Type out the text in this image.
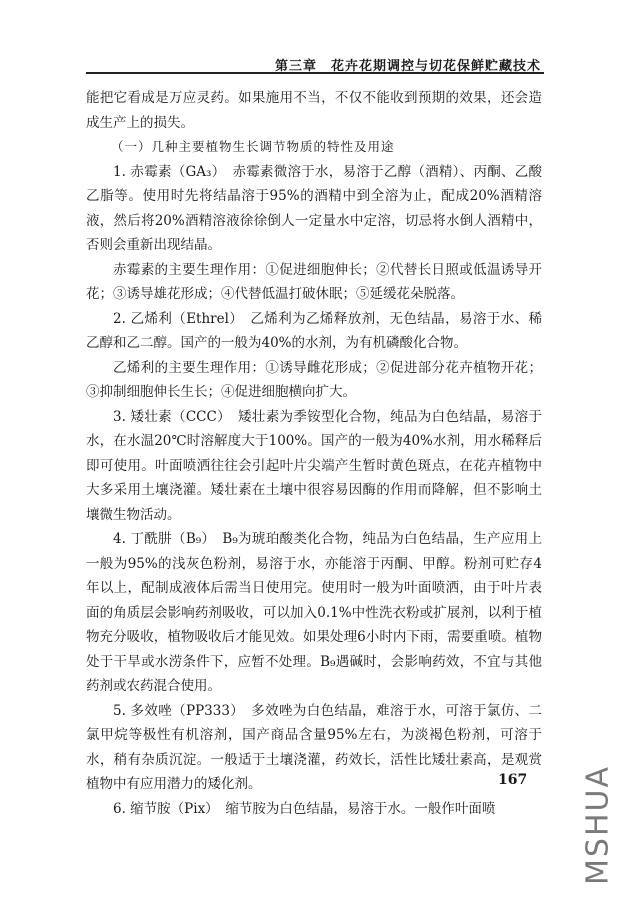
第三章　花卉花期调控与切花保鲜贮藏技术

能把它看成是万应灵药。如果施用不当，不仅不能收到预期的效果，还会造成生产上的损失。

（一）几种主要植物生长调节物质的特性及用途

1. 赤霉素（GA₃）　赤霉素微溶于水，易溶于乙醇（酒精）、丙酮、乙酸乙脂等。使用时先将结晶溶于95%的酒精中到全溶为止，配成20%酒精溶液，然后将20%酒精溶液徐徐倒人一定量水中定溶，切忌将水倒人酒精中，否则会重新出现结晶。

赤霉素的主要生理作用：①促进细胞伸长；②代替长日照或低温诱导开花；③诱导雄花形成；④代替低温打破休眠；⑤延缓花朵脱落。

2. 乙烯利（Ethrel）　乙烯利为乙烯释放剂，无色结晶，易溶于水、稀乙醇和乙二醇。国产的一般为40%的水剂，为有机磷酸化合物。

乙烯利的主要生理作用：①诱导雌花形成；②促进部分花卉植物开花；③抑制细胞伸长生长；④促进细胞横向扩大。

3. 矮壮素（CCC）　矮壮素为季铵型化合物，纯品为白色结晶，易溶于水，在水温20℃时溶解度大于100%。国产的一般为40%水剂，用水稀释后即可使用。叶面喷洒往往会引起叶片尖端产生暂时黄色斑点，在花卉植物中大多采用土壤浇灌。矮壮素在土壤中很容易因酶的作用而降解，但不影响土壤微生物活动。

4. 丁酰肼（B₉）　B₉为琥珀酸类化合物，纯品为白色结晶，生产应用上一般为95%的浅灰色粉剂，易溶于水，亦能溶于丙酮、甲醇。粉剂可贮存4年以上，配制成液体后需当日使用完。使用时一般为叶面喷洒，由于叶片表面的角质层会影响药剂吸收，可以加入0.1%中性洗衣粉或扩展剂，以利于植物充分吸收，植物吸收后才能见效。如果处理6小时内下雨，需要重喷。植物处于干旱或水涝条件下，应暂不处理。B₉遇碱时，会影响药效，不宜与其他药剂或农药混合使用。

5. 多效唑（PP333）　多效唑为白色结晶，难溶于水，可溶于氯仿、二氯甲烷等极性有机溶剂，国产商品含量95%左右，为淡褐色粉剂，可溶于水，稍有杂质沉淀。一般适于土壤浇灌，药效长，活性比矮壮素高，是观赏植物中有应用潜力的矮化剂。

6. 缩节胺（Pix）　缩节胺为白色结晶，易溶于水。一般作叶面喷

167 MSHUA
